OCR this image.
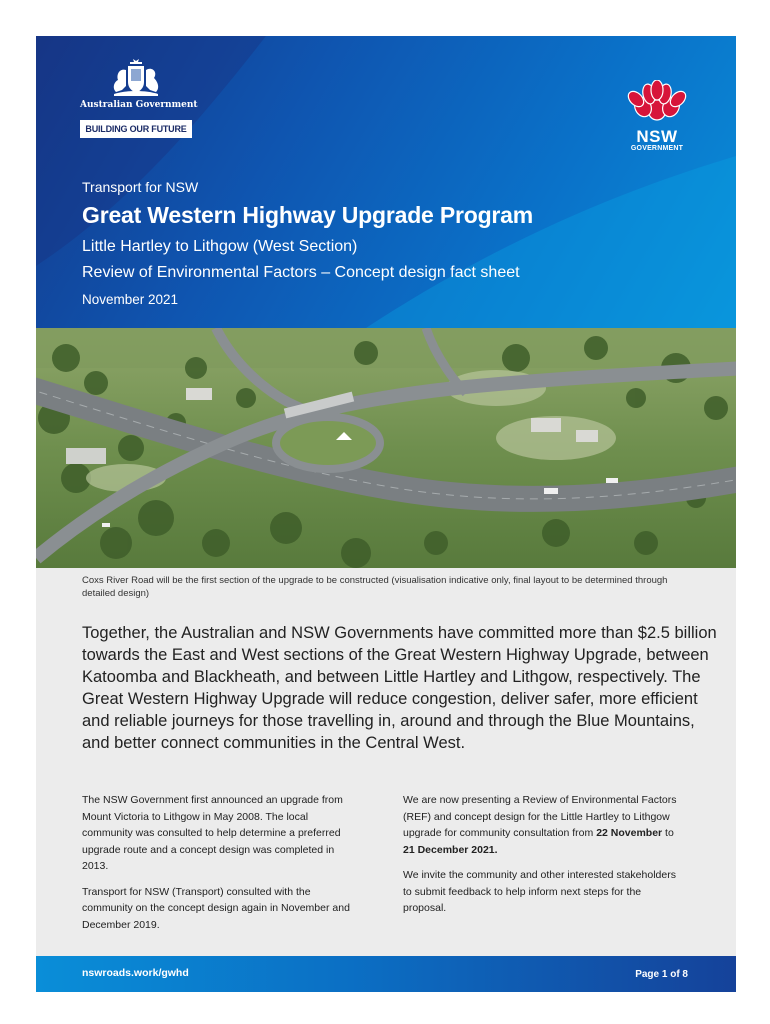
Australian Government
BUILDING OUR FUTURE	NSW
GOVERNMENT
Transport for NSW
Great Western Highway Upgrade Program
Little Hartley to Lithgow (West Section)
Review of Environmental Factors – Concept design fact sheet
November 2021

Coxs River Road will be the first section of the upgrade to be constructed (visualisation indicative only, final layout to be determined through detailed design)

Together, the Australian and NSW Governments have committed more than $2.5 billion towards the East and West sections of the Great Western Highway Upgrade, between Katoomba and Blackheath, and between Little Hartley and Lithgow, respectively. The Great Western Highway Upgrade will reduce congestion, deliver safer, more efficient and reliable journeys for those travelling in, around and through the Blue Mountains, and better connect communities in the Central West.

The NSW Government first announced an upgrade from Mount Victoria to Lithgow in May 2008. The local community was consulted to help determine a preferred upgrade route and a concept design was completed in 2013.

Transport for NSW (Transport) consulted with the community on the concept design again in November and December 2019.

We are now presenting a Review of Environmental Factors (REF) and concept design for the Little Hartley to Lithgow upgrade for community consultation from 22 November to 21 December 2021.

We invite the community and other interested stakeholders to submit feedback to help inform next steps for the proposal.

nswroads.work/gwhd	Page 1 of 8
